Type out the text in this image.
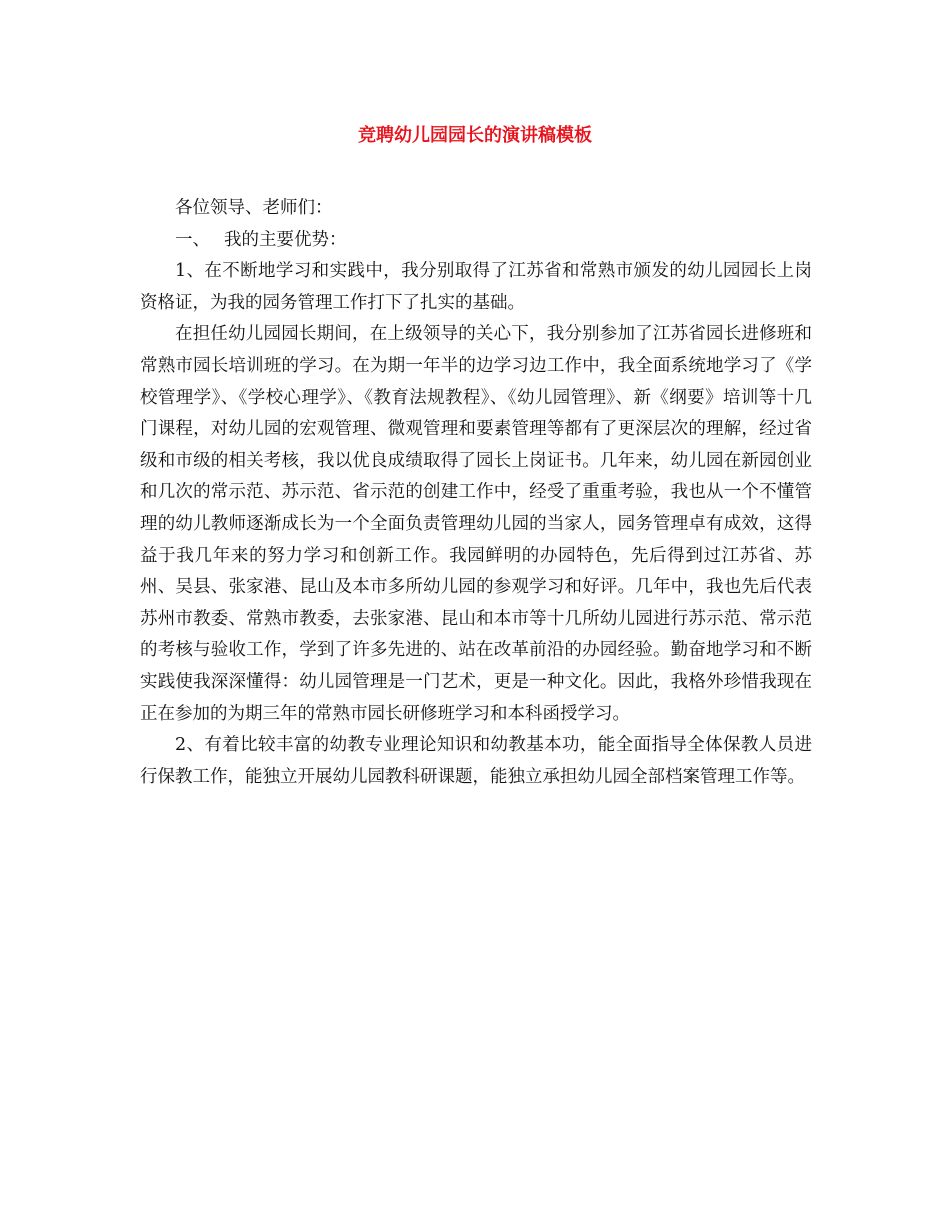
竞聘幼儿园园长的演讲稿模板

各位领导、老师们：

一、 我的主要优势：

1、在不断地学习和实践中，我分别取得了江苏省和常熟市颁发的幼儿园园长上岗资格证，为我的园务管理工作打下了扎实的基础。

在担任幼儿园园长期间，在上级领导的关心下，我分别参加了江苏省园长进修班和常熟市园长培训班的学习。在为期一年半的边学习边工作中，我全面系统地学习了《学校管理学》、《学校心理学》、《教育法规教程》、《幼儿园管理》、新《纲要》培训等十几门课程，对幼儿园的宏观管理、微观管理和要素管理等都有了更深层次的理解，经过省级和市级的相关考核，我以优良成绩取得了园长上岗证书。几年来，幼儿园在新园创业和几次的常示范、苏示范、省示范的创建工作中，经受了重重考验，我也从一个不懂管理的幼儿教师逐渐成长为一个全面负责管理幼儿园的当家人，园务管理卓有成效，这得益于我几年来的努力学习和创新工作。我园鲜明的办园特色，先后得到过江苏省、苏州、吴县、张家港、昆山及本市多所幼儿园的参观学习和好评。几年中，我也先后代表苏州市教委、常熟市教委，去张家港、昆山和本市等十几所幼儿园进行苏示范、常示范的考核与验收工作，学到了许多先进的、站在改革前沿的办园经验。勤奋地学习和不断实践使我深深懂得：幼儿园管理是一门艺术，更是一种文化。因此，我格外珍惜我现在正在参加的为期三年的常熟市园长研修班学习和本科函授学习。

2、有着比较丰富的幼教专业理论知识和幼教基本功，能全面指导全体保教人员进行保教工作，能独立开展幼儿园教科研课题，能独立承担幼儿园全部档案管理工作等。
